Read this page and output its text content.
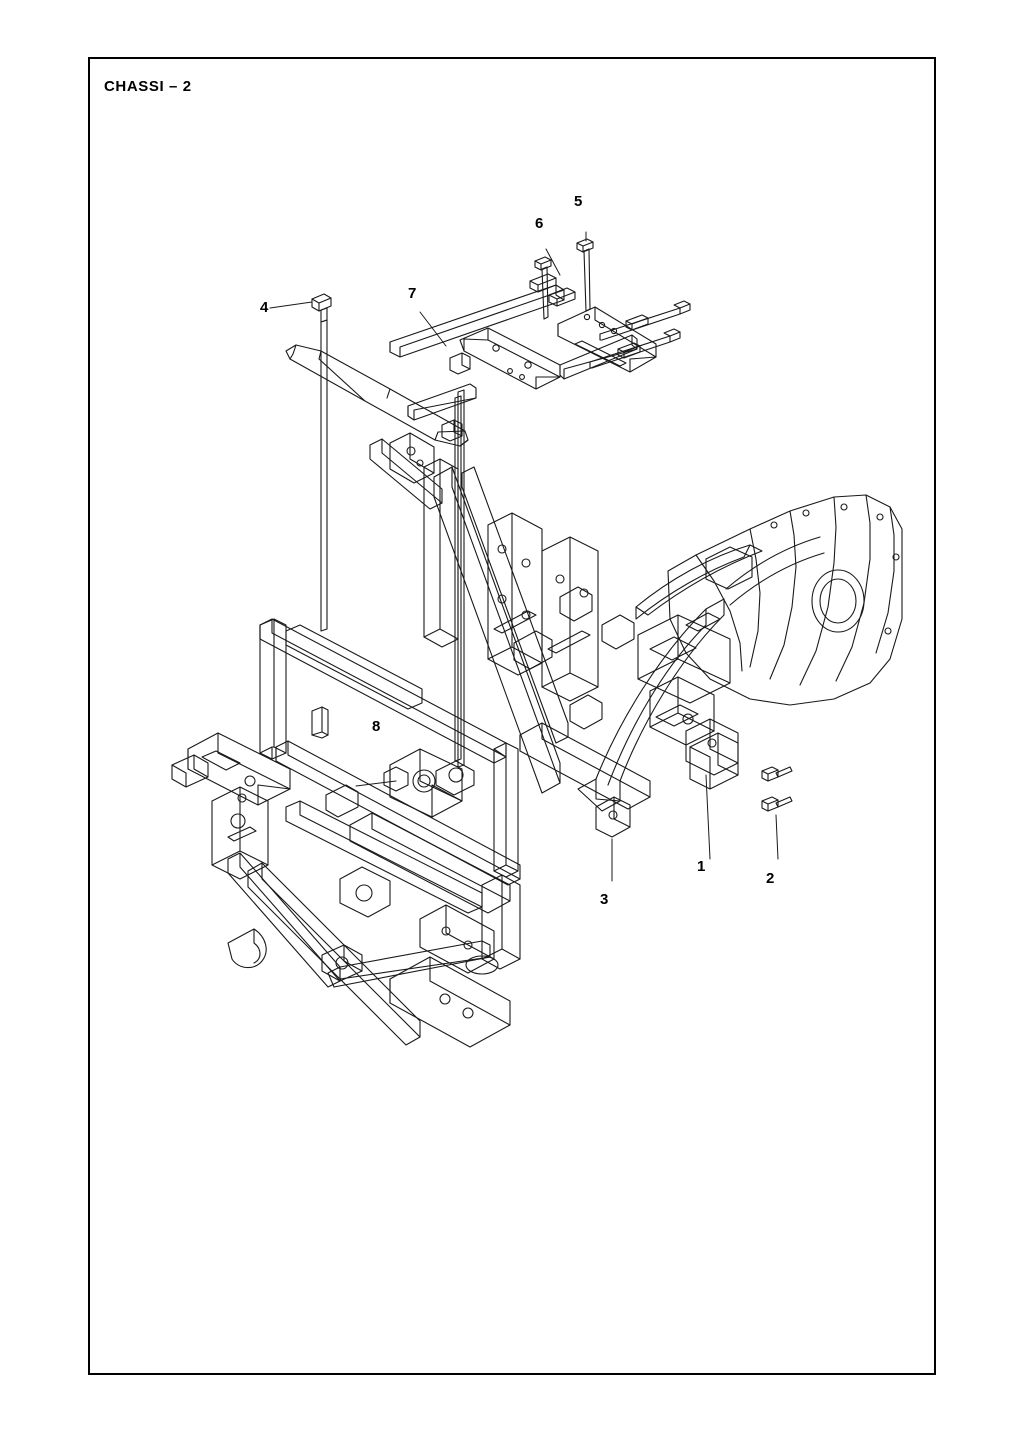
CHASSI – 2
1
2
3
4
5
6
7
8
